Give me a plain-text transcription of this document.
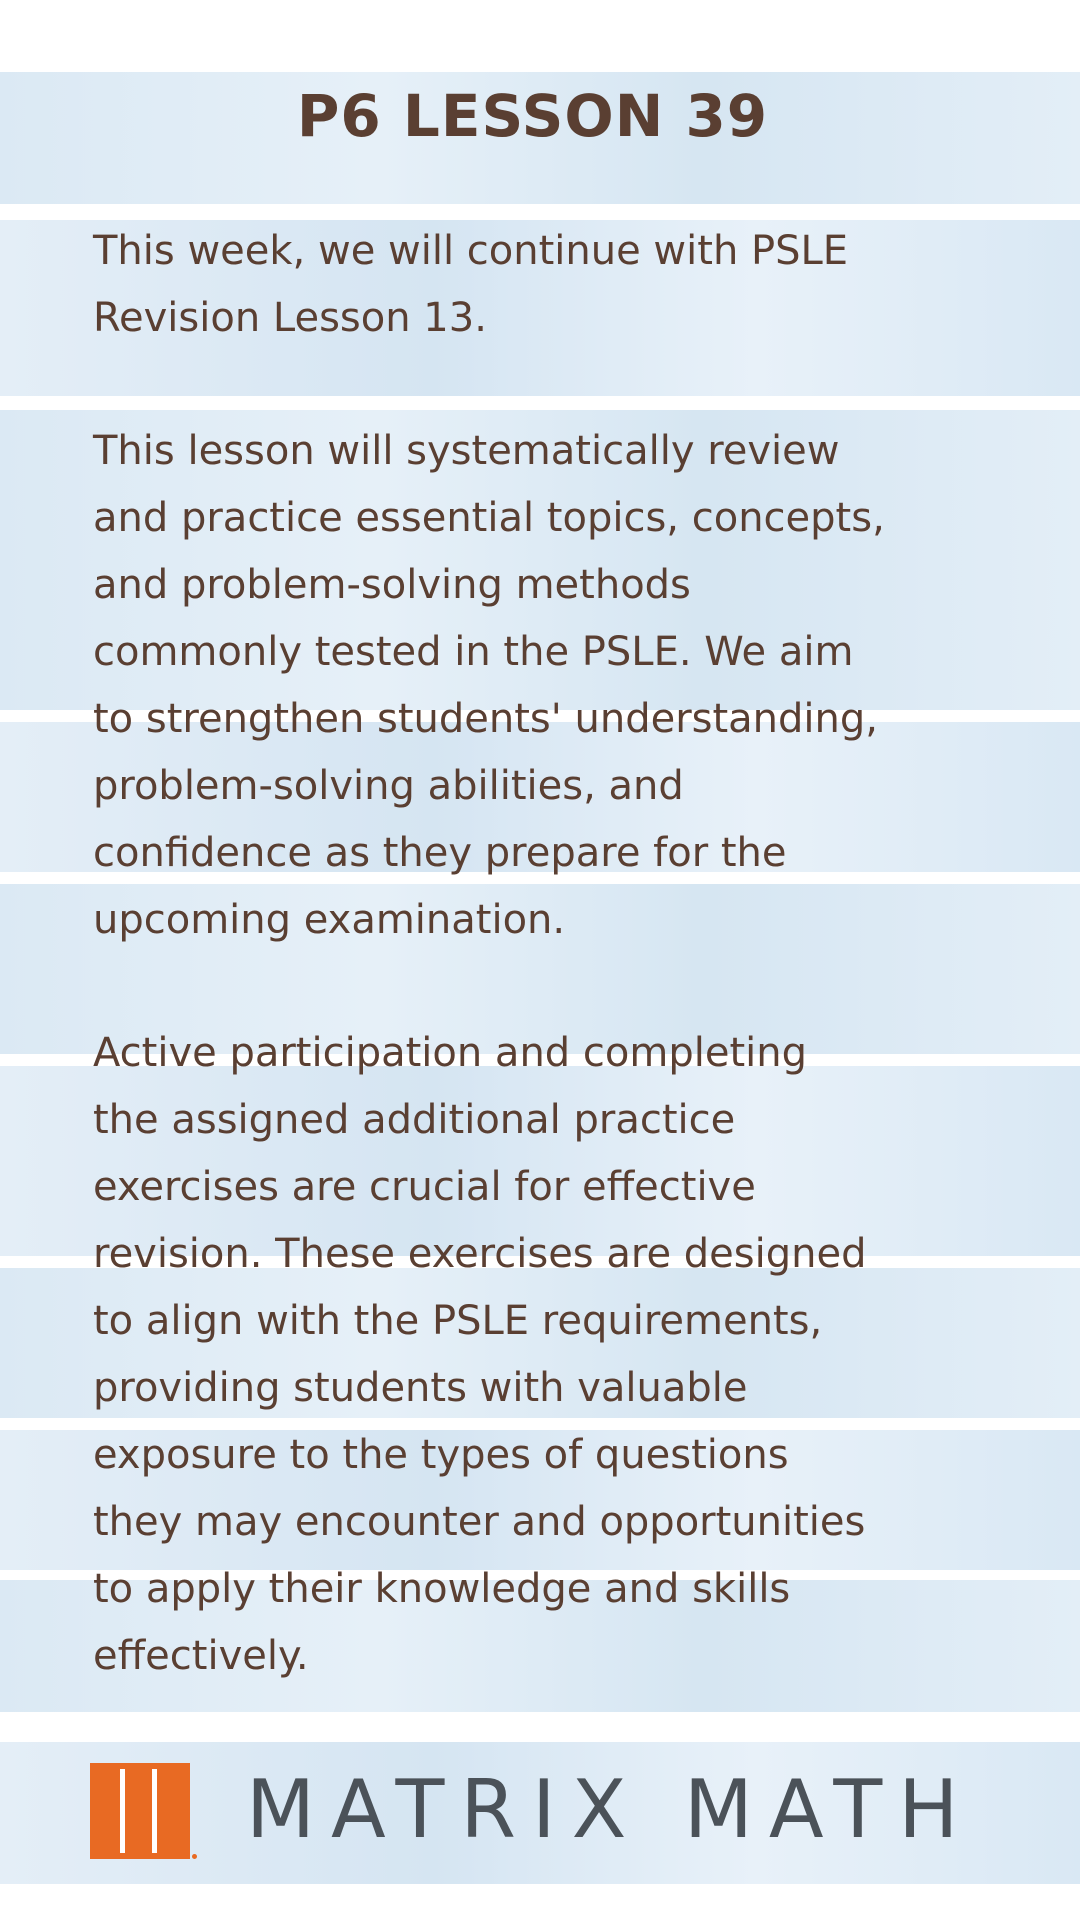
P6 LESSON 39
This week, we will continue with PSLE
Revision Lesson 13.
This lesson will systematically review
and practice essential topics, concepts,
and problem-solving methods
commonly tested in the PSLE. We aim
to strengthen students' understanding,
problem-solving abilities, and
confidence as they prepare for the
upcoming examination.
Active participation and completing
the assigned additional practice
exercises are crucial for effective
revision. These exercises are designed
to align with the PSLE requirements,
providing students with valuable
exposure to the types of questions
they may encounter and opportunities
to apply their knowledge and skills
effectively.

MATRIX MATH
